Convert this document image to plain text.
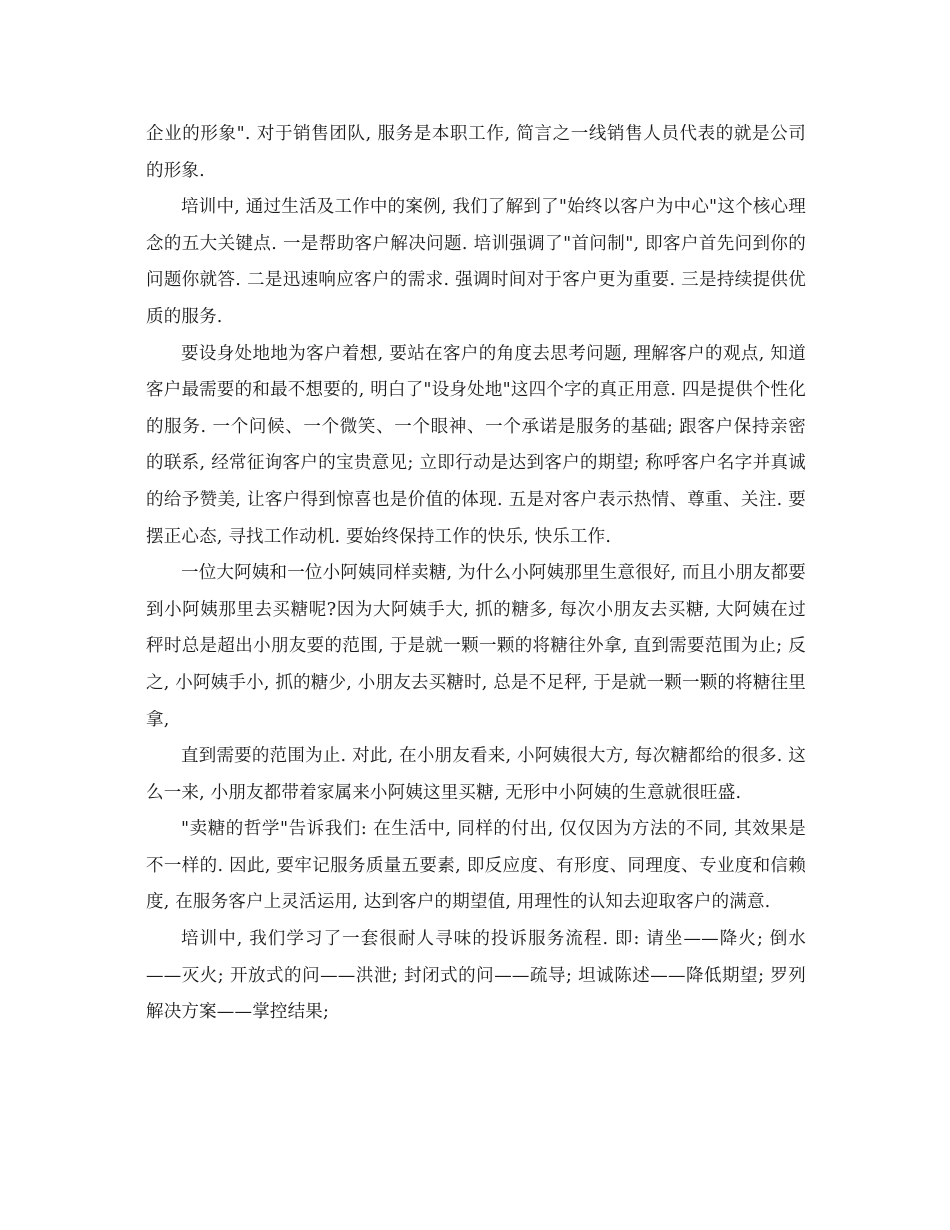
企业的形象". 对于销售团队, 服务是本职工作, 简言之一线销售人员代表的就是公司的形象.

培训中, 通过生活及工作中的案例, 我们了解到了"始终以客户为中心"这个核心理念的五大关键点. 一是帮助客户解决问题. 培训强调了"首问制", 即客户首先问到你的问题你就答. 二是迅速响应客户的需求. 强调时间对于客户更为重要. 三是持续提供优质的服务.

要设身处地地为客户着想, 要站在客户的角度去思考问题, 理解客户的观点, 知道客户最需要的和最不想要的, 明白了"设身处地"这四个字的真正用意. 四是提供个性化的服务. 一个问候、一个微笑、一个眼神、一个承诺是服务的基础; 跟客户保持亲密的联系, 经常征询客户的宝贵意见; 立即行动是达到客户的期望; 称呼客户名字并真诚的给予赞美, 让客户得到惊喜也是价值的体现. 五是对客户表示热情、尊重、关注. 要摆正心态, 寻找工作动机. 要始终保持工作的快乐, 快乐工作.

一位大阿姨和一位小阿姨同样卖糖, 为什么小阿姨那里生意很好, 而且小朋友都要到小阿姨那里去买糖呢?因为大阿姨手大, 抓的糖多, 每次小朋友去买糖, 大阿姨在过秤时总是超出小朋友要的范围, 于是就一颗一颗的将糖往外拿, 直到需要范围为止; 反之, 小阿姨手小, 抓的糖少, 小朋友去买糖时, 总是不足秤, 于是就一颗一颗的将糖往里拿,

直到需要的范围为止. 对此, 在小朋友看来, 小阿姨很大方, 每次糖都给的很多. 这么一来, 小朋友都带着家属来小阿姨这里买糖, 无形中小阿姨的生意就很旺盛.

"卖糖的哲学"告诉我们: 在生活中, 同样的付出, 仅仅因为方法的不同, 其效果是不一样的. 因此, 要牢记服务质量五要素, 即反应度、有形度、同理度、专业度和信赖度, 在服务客户上灵活运用, 达到客户的期望值, 用理性的认知去迎取客户的满意.

培训中, 我们学习了一套很耐人寻味的投诉服务流程. 即: 请坐——降火; 倒水——灭火; 开放式的问——洪泄; 封闭式的问——疏导; 坦诚陈述——降低期望; 罗列解决方案——掌控结果;
